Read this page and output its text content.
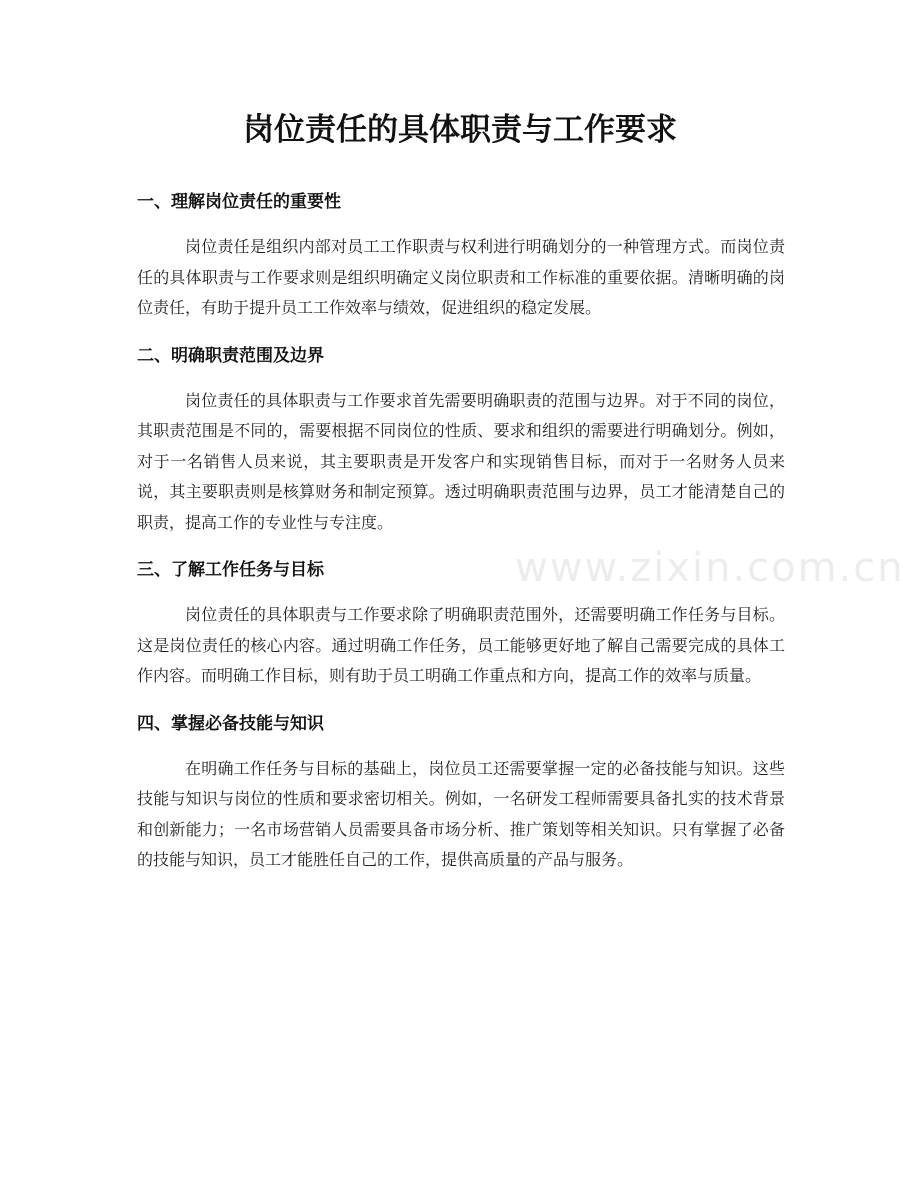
岗位责任的具体职责与工作要求
一、理解岗位责任的重要性

岗位责任是组织内部对员工工作职责与权利进行明确划分的一种管理方式。而岗位责任的具体职责与工作要求则是组织明确定义岗位职责和工作标准的重要依据。清晰明确的岗位责任，有助于提升员工工作效率与绩效，促进组织的稳定发展。

二、明确职责范围及边界

岗位责任的具体职责与工作要求首先需要明确职责的范围与边界。对于不同的岗位，其职责范围是不同的，需要根据不同岗位的性质、要求和组织的需要进行明确划分。例如，对于一名销售人员来说，其主要职责是开发客户和实现销售目标，而对于一名财务人员来说，其主要职责则是核算财务和制定预算。透过明确职责范围与边界，员工才能清楚自己的职责，提高工作的专业性与专注度。

三、了解工作任务与目标

岗位责任的具体职责与工作要求除了明确职责范围外，还需要明确工作任务与目标。这是岗位责任的核心内容。通过明确工作任务，员工能够更好地了解自己需要完成的具体工作内容。而明确工作目标，则有助于员工明确工作重点和方向，提高工作的效率与质量。

四、掌握必备技能与知识

在明确工作任务与目标的基础上，岗位员工还需要掌握一定的必备技能与知识。这些技能与知识与岗位的性质和要求密切相关。例如，一名研发工程师需要具备扎实的技术背景和创新能力；一名市场营销人员需要具备市场分析、推广策划等相关知识。只有掌握了必备的技能与知识，员工才能胜任自己的工作，提供高质量的产品与服务。

www.zixin.com.cn
